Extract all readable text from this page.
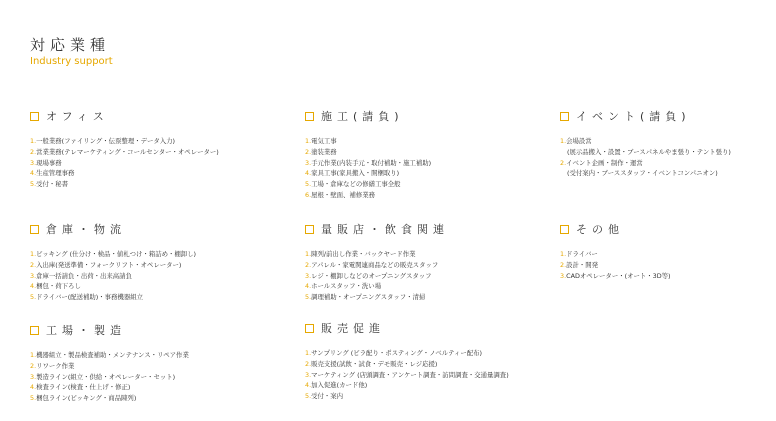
対応業種
Industry support
オフィス
1.一般業務(ファイリング・伝票整理・データ入力)
2.営業業務(テレマーケティング・コールセンター・オペレーター)
3.現場事務
4.生産管理事務
5.受付・秘書
施工(請負)
1.電気工事
2.塗装業務
3.手元作業(内装手元・取付補助・施工補助)
4.家具工事(家具搬入・開梱取り)
5.工場・倉庫などの修繕工事全般
6.屋根・壁面、補修業務
イベント(請負)
1.会場設営
(展示品搬入・設置・ブースパネルやま張り・テント張り)
2.イベント企画・制作・運営
(受付案内・ブーススタッフ・イベントコンパニオン)
倉庫・物流
1.ピッキング (仕分け・検品・値札つけ・箱詰め・棚卸し)
2.入出庫(発送準備・フォークリフト・オペレーター)
3.倉庫一括請負・出荷・出来高請負
4.梱包・荷下ろし
5.ドライバー(配送補助)・事務機器組立
量販店・飲食関連
1.陳列/前出し作業・バックヤード作業
2.アパレル・家電関連商品などの販売スタッフ
3.レジ・棚卸しなどのオープニングスタッフ
4.ホールスタッフ・洗い場
5.調理補助・オープニングスタッフ・清掃
その他
1.ドライバー
2.設計・開発
3.CADオペレーター・(オート・3D等)
工場・製造
1.機器組立・製品検査補助・メンテナンス・リペア作業
2.リワーク作業
3.製造ライン(組立・供給・オペレーター・セット)
4.検査ライン(検査・仕上げ・修正)
5.梱包ライン(ピッキング・商品陳列)
販売促進
1.サンプリング (ビラ配り・ポスティング・ノベルティー配布)
2.販売支援(試飲・試食・デモ販売・レジ応援)
3.マーケティング (店頭調査・アンケート調査・訪問調査・交通量調査)
4.加入促進(カード他)
5.受付・案内
